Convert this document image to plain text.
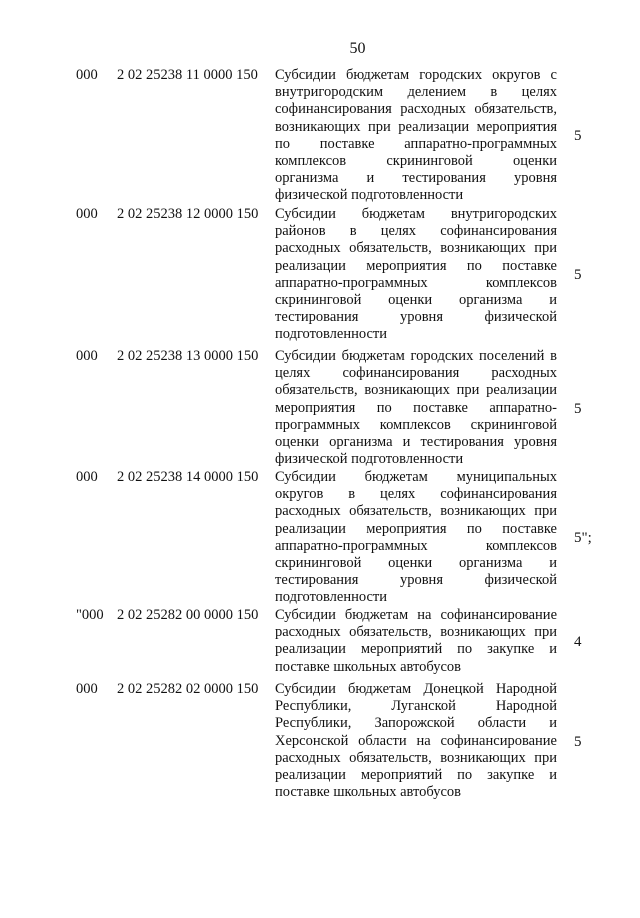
50
000 2 02 25238 11 0000 150 Субсидии бюджетам городских округов с
внутригородским делением в целях
софинансирования расходных обязательств,
возникающих при реализации мероприятия
по поставке аппаратно-программных
комплексов скрининговой оценки
организма и тестирования уровня
физической подготовленности
5
000 2 02 25238 12 0000 150 Субсидии бюджетам внутригородских
районов в целях софинансирования
расходных обязательств, возникающих при
реализации мероприятия по поставке
аппаратно-программных комплексов
скрининговой оценки организма и
тестирования уровня физической
подготовленности
5
000 2 02 25238 13 0000 150 Субсидии бюджетам городских поселений в
целях софинансирования расходных
обязательств, возникающих при реализации
мероприятия по поставке аппаратно-
программных комплексов скрининговой
оценки организма и тестирования уровня
физической подготовленности
5
000 2 02 25238 14 0000 150 Субсидии бюджетам муниципальных
округов в целях софинансирования
расходных обязательств, возникающих при
реализации мероприятия по поставке
аппаратно-программных комплексов
скрининговой оценки организма и
тестирования уровня физической
подготовленности
5";
"000 2 02 25282 00 0000 150 Субсидии бюджетам на софинансирование
расходных обязательств, возникающих при
реализации мероприятий по закупке и
поставке школьных автобусов
4
000 2 02 25282 02 0000 150 Субсидии бюджетам Донецкой Народной
Республики, Луганской Народной
Республики, Запорожской области и
Херсонской области на софинансирование
расходных обязательств, возникающих при
реализации мероприятий по закупке и
поставке школьных автобусов
5
